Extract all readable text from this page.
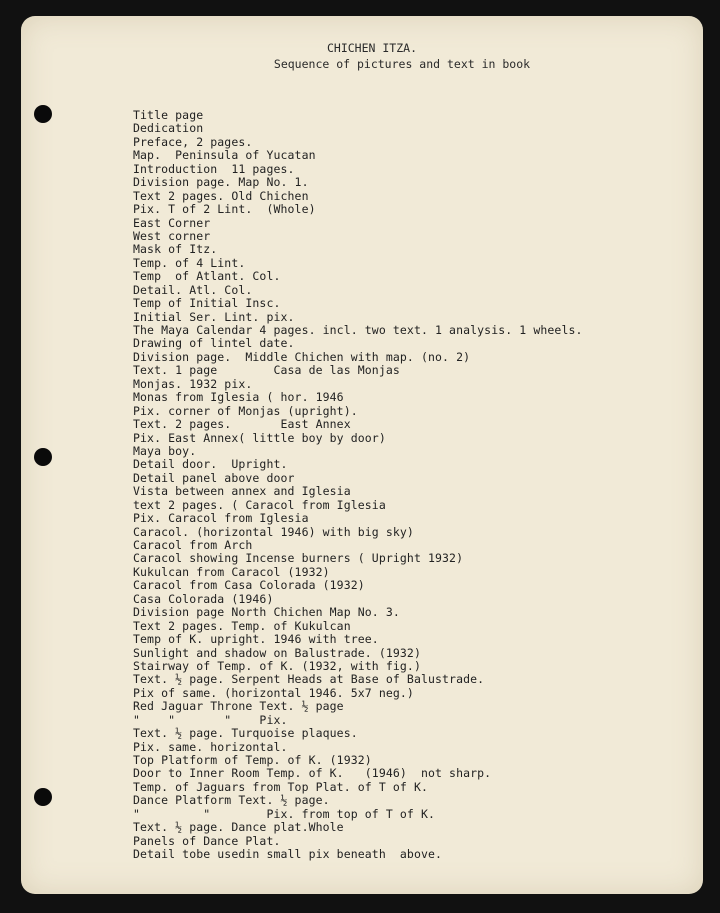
CHICHEN ITZA.
Sequence of pictures and text in book
Title page
Dedication
Preface, 2 pages.
Map.  Peninsula of Yucatan
Introduction  11 pages.
Division page. Map No. 1.
Text 2 pages. Old Chichen
Pix. T of 2 Lint.  (Whole)
East Corner
West corner
Mask of Itz.
Temp. of 4 Lint.
Temp  of Atlant. Col.
Detail. Atl. Col.
Temp of Initial Insc.
Initial Ser. Lint. pix.
The Maya Calendar 4 pages. incl. two text. 1 analysis. 1 wheels.
Drawing of lintel date.
Division page.  Middle Chichen with map. (no. 2)
Text. 1 page        Casa de las Monjas
Monjas. 1932 pix.
Monas from Iglesia ( hor. 1946
Pix. corner of Monjas (upright).
Text. 2 pages.       East Annex
Pix. East Annex( little boy by door)
Maya boy.
Detail door.  Upright.
Detail panel above door
Vista between annex and Iglesia
text 2 pages. ( Caracol from Iglesia
Pix. Caracol from Iglesia
Caracol. (horizontal 1946) with big sky)
Caracol from Arch
Caracol showing Incense burners ( Upright 1932)
Kukulcan from Caracol (1932)
Caracol from Casa Colorada (1932)
Casa Colorada (1946)
Division page North Chichen Map No. 3.
Text 2 pages. Temp. of Kukulcan
Temp of K. upright. 1946 with tree.
Sunlight and shadow on Balustrade. (1932)
Stairway of Temp. of K. (1932, with fig.)
Text. ½ page. Serpent Heads at Base of Balustrade.
Pix of same. (horizontal 1946. 5x7 neg.)
Red Jaguar Throne Text. ½ page
"    "       "    Pix.
Text. ½ page. Turquoise plaques.
Pix. same. horizontal.
Top Platform of Temp. of K. (1932)
Door to Inner Room Temp. of K.   (1946)  not sharp.
Temp. of Jaguars from Top Plat. of T of K.
Dance Platform Text. ½ page.
"         "        Pix. from top of T of K.
Text. ½ page. Dance plat.Whole
Panels of Dance Plat.
Detail tobe usedin small pix beneath  above.
